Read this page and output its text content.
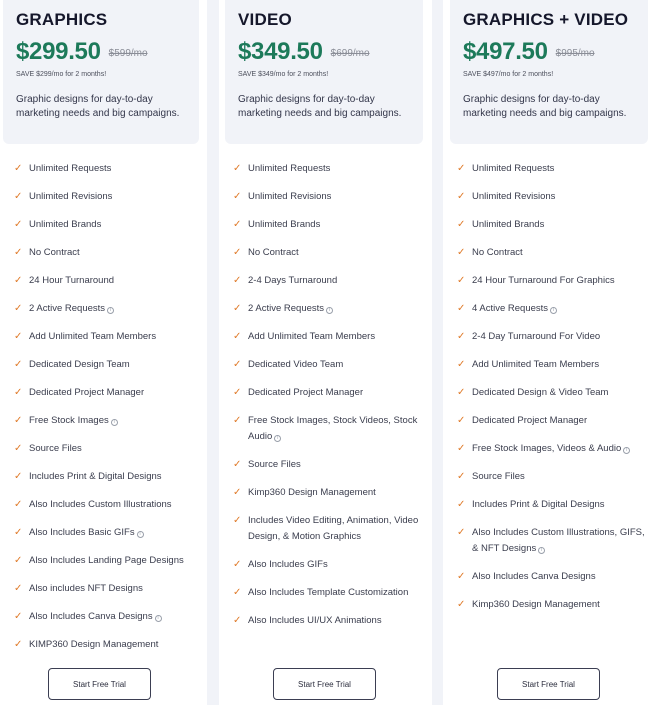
GRAPHICS
$299.50 $599/mo
SAVE $299/mo for 2 months!
Graphic designs for day-to-day marketing needs and big campaigns.
✓ Unlimited Requests
✓ Unlimited Revisions
✓ Unlimited Brands
✓ No Contract
✓ 24 Hour Turnaround
✓ 2 Active Requests i
✓ Add Unlimited Team Members
✓ Dedicated Design Team
✓ Dedicated Project Manager
✓ Free Stock Images i
✓ Source Files
✓ Includes Print & Digital Designs
✓ Also Includes Custom Illustrations
✓ Also Includes Basic GIFs i
✓ Also Includes Landing Page Designs
✓ Also includes NFT Designs
✓ Also Includes Canva Designs i
✓ KIMP360 Design Management
Start Free Trial
VIDEO
$349.50 $699/mo
SAVE $349/mo for 2 months!
Graphic designs for day-to-day marketing needs and big campaigns.
✓ Unlimited Requests
✓ Unlimited Revisions
✓ Unlimited Brands
✓ No Contract
✓ 2-4 Days Turnaround
✓ 2 Active Requests i
✓ Add Unlimited Team Members
✓ Dedicated Video Team
✓ Dedicated Project Manager
✓ Free Stock Images, Stock Videos, Stock Audio i
✓ Source Files
✓ Kimp360 Design Management
✓ Includes Video Editing, Animation, Video Design, & Motion Graphics
✓ Also Includes GIFs
✓ Also Includes Template Customization
✓ Also Includes UI/UX Animations
Start Free Trial
GRAPHICS + VIDEO
$497.50 $995/mo
SAVE $497/mo for 2 months!
Graphic designs for day-to-day marketing needs and big campaigns.
✓ Unlimited Requests
✓ Unlimited Revisions
✓ Unlimited Brands
✓ No Contract
✓ 24 Hour Turnaround For Graphics
✓ 4 Active Requests i
✓ 2-4 Day Turnaround For Video
✓ Add Unlimited Team Members
✓ Dedicated Design & Video Team
✓ Dedicated Project Manager
✓ Free Stock Images, Videos & Audio i
✓ Source Files
✓ Includes Print & Digital Designs
✓ Also Includes Custom Illustrations, GIFS, & NFT Designs i
✓ Also Includes Canva Designs
✓ Kimp360 Design Management
Start Free Trial
